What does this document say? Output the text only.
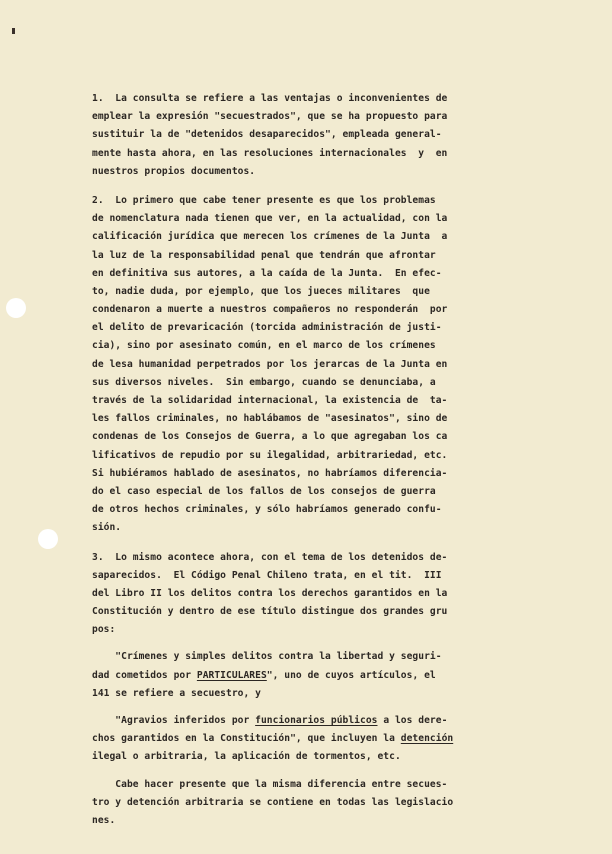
1.  La consulta se refiere a las ventajas o inconvenientes de
emplear la expresión "secuestrados", que se ha propuesto para
sustituir la de "detenidos desaparecidos", empleada general-
mente hasta ahora, en las resoluciones internacionales  y  en
nuestros propios documentos.
2.  Lo primero que cabe tener presente es que los problemas
de nomenclatura nada tienen que ver, en la actualidad, con la
calificación jurídica que merecen los crímenes de la Junta  a
la luz de la responsabilidad penal que tendrán que afrontar
en definitiva sus autores, a la caída de la Junta.  En efec-
to, nadie duda, por ejemplo, que los jueces militares  que
condenaron a muerte a nuestros compañeros no responderán  por
el delito de prevaricación (torcida administración de justi-
cia), sino por asesinato común, en el marco de los crímenes
de lesa humanidad perpetrados por los jerarcas de la Junta en
sus diversos niveles.  Sin embargo, cuando se denunciaba, a
través de la solidaridad internacional, la existencia de  ta-
les fallos criminales, no hablábamos de "asesinatos", sino de
condenas de los Consejos de Guerra, a lo que agregaban los ca
lificativos de repudio por su ilegalidad, arbitrariedad, etc.
Si hubiéramos hablado de asesinatos, no habríamos diferencia-
do el caso especial de los fallos de los consejos de guerra
de otros hechos criminales, y sólo habríamos generado confu-
sión.
3.  Lo mismo acontece ahora, con el tema de los detenidos de-
saparecidos.  El Código Penal Chileno trata, en el tit.  III
del Libro II los delitos contra los derechos garantidos en la
Constitución y dentro de ese título distingue dos grandes gru
pos:
"Crímenes y simples delitos contra la libertad y seguri-
dad cometidos por PARTICULARES", uno de cuyos artículos, el
141 se refiere a secuestro, y
"Agravios inferidos por funcionarios públicos a los dere-
chos garantidos en la Constitución", que incluyen la detención
ilegal o arbitraria, la aplicación de tormentos, etc.
Cabe hacer presente que la misma diferencia entre secues-
tro y detención arbitraria se contiene en todas las legislacio
nes.
